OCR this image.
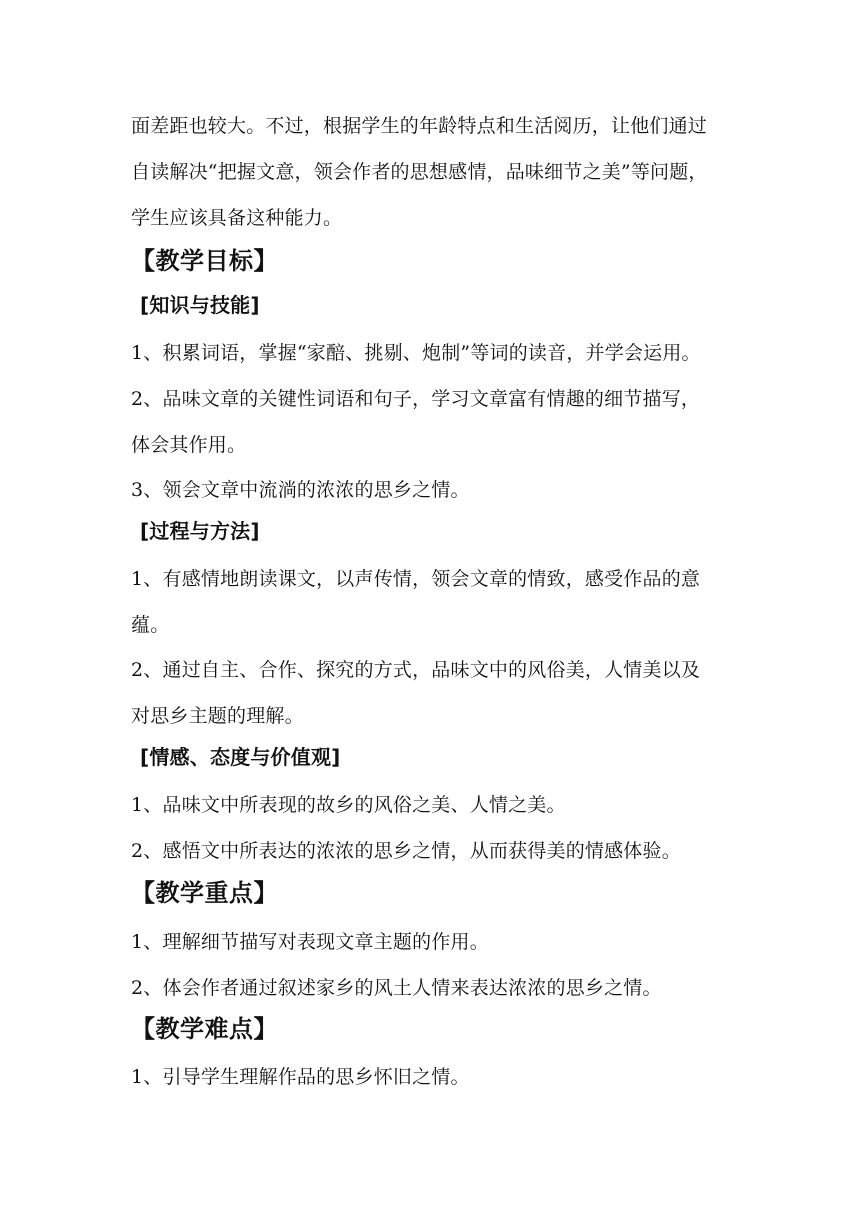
面差距也较大。不过，根据学生的年龄特点和生活阅历，让他们通过
自读解决“把握文意，领会作者的思想感情，品味细节之美”等问题，
学生应该具备这种能力。
【教学目标】
[知识与技能]
1、积累词语，掌握“家醅、挑剔、炮制”等词的读音，并学会运用。
2、品味文章的关键性词语和句子，学习文章富有情趣的细节描写，
体会其作用。
3、领会文章中流淌的浓浓的思乡之情。
[过程与方法]
1、有感情地朗读课文，以声传情，领会文章的情致，感受作品的意
蕴。
2、通过自主、合作、探究的方式，品味文中的风俗美，人情美以及
对思乡主题的理解。
[情感、态度与价值观]
1、品味文中所表现的故乡的风俗之美、人情之美。
2、感悟文中所表达的浓浓的思乡之情，从而获得美的情感体验。
【教学重点】
1、理解细节描写对表现文章主题的作用。
2、体会作者通过叙述家乡的风土人情来表达浓浓的思乡之情。
【教学难点】
1、引导学生理解作品的思乡怀旧之情。
